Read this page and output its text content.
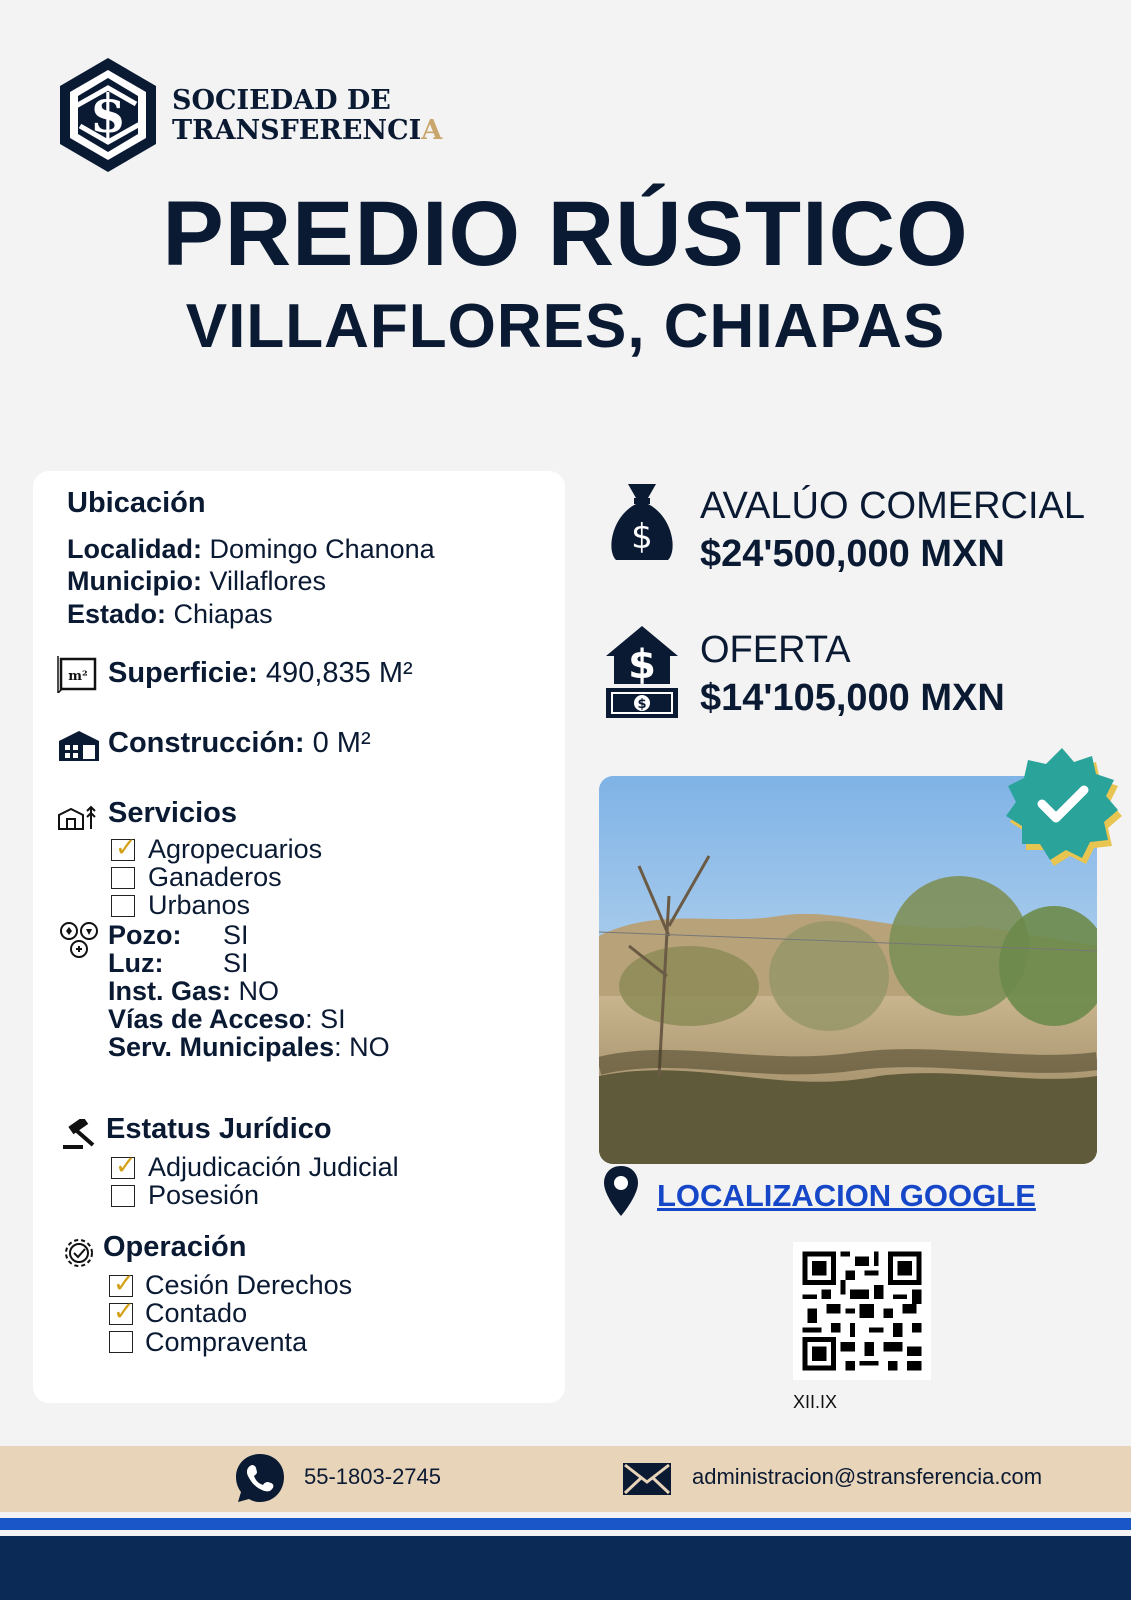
$ SOCIEDAD DE
TRANSFERENCIA
PREDIO RÚSTICO
VILLAFLORES, CHIAPAS
Ubicación
Localidad: Domingo Chanona
Municipio: Villaflores
Estado: Chiapas
m² Superficie: 490,835 M²
Construcción: 0 M²
Servicios
✓ Agropecuarios
Ganaderos
Urbanos
Pozo: SI
Luz: SI
Inst. Gas: NO
Vías de Acceso: SI
Serv. Municipales: NO
Estatus Jurídico
✓ Adjudicación Judicial
Posesión
Operación
✓ Cesión Derechos
✓ Contado
Compraventa
$
AVALÚO COMERCIAL
$24'500,000 MXN
$
$
OFERTA
$14'105,000 MXN
LOCALIZACION GOOGLE
XII.IX
55-1803-2745	administracion@stransferencia.com
